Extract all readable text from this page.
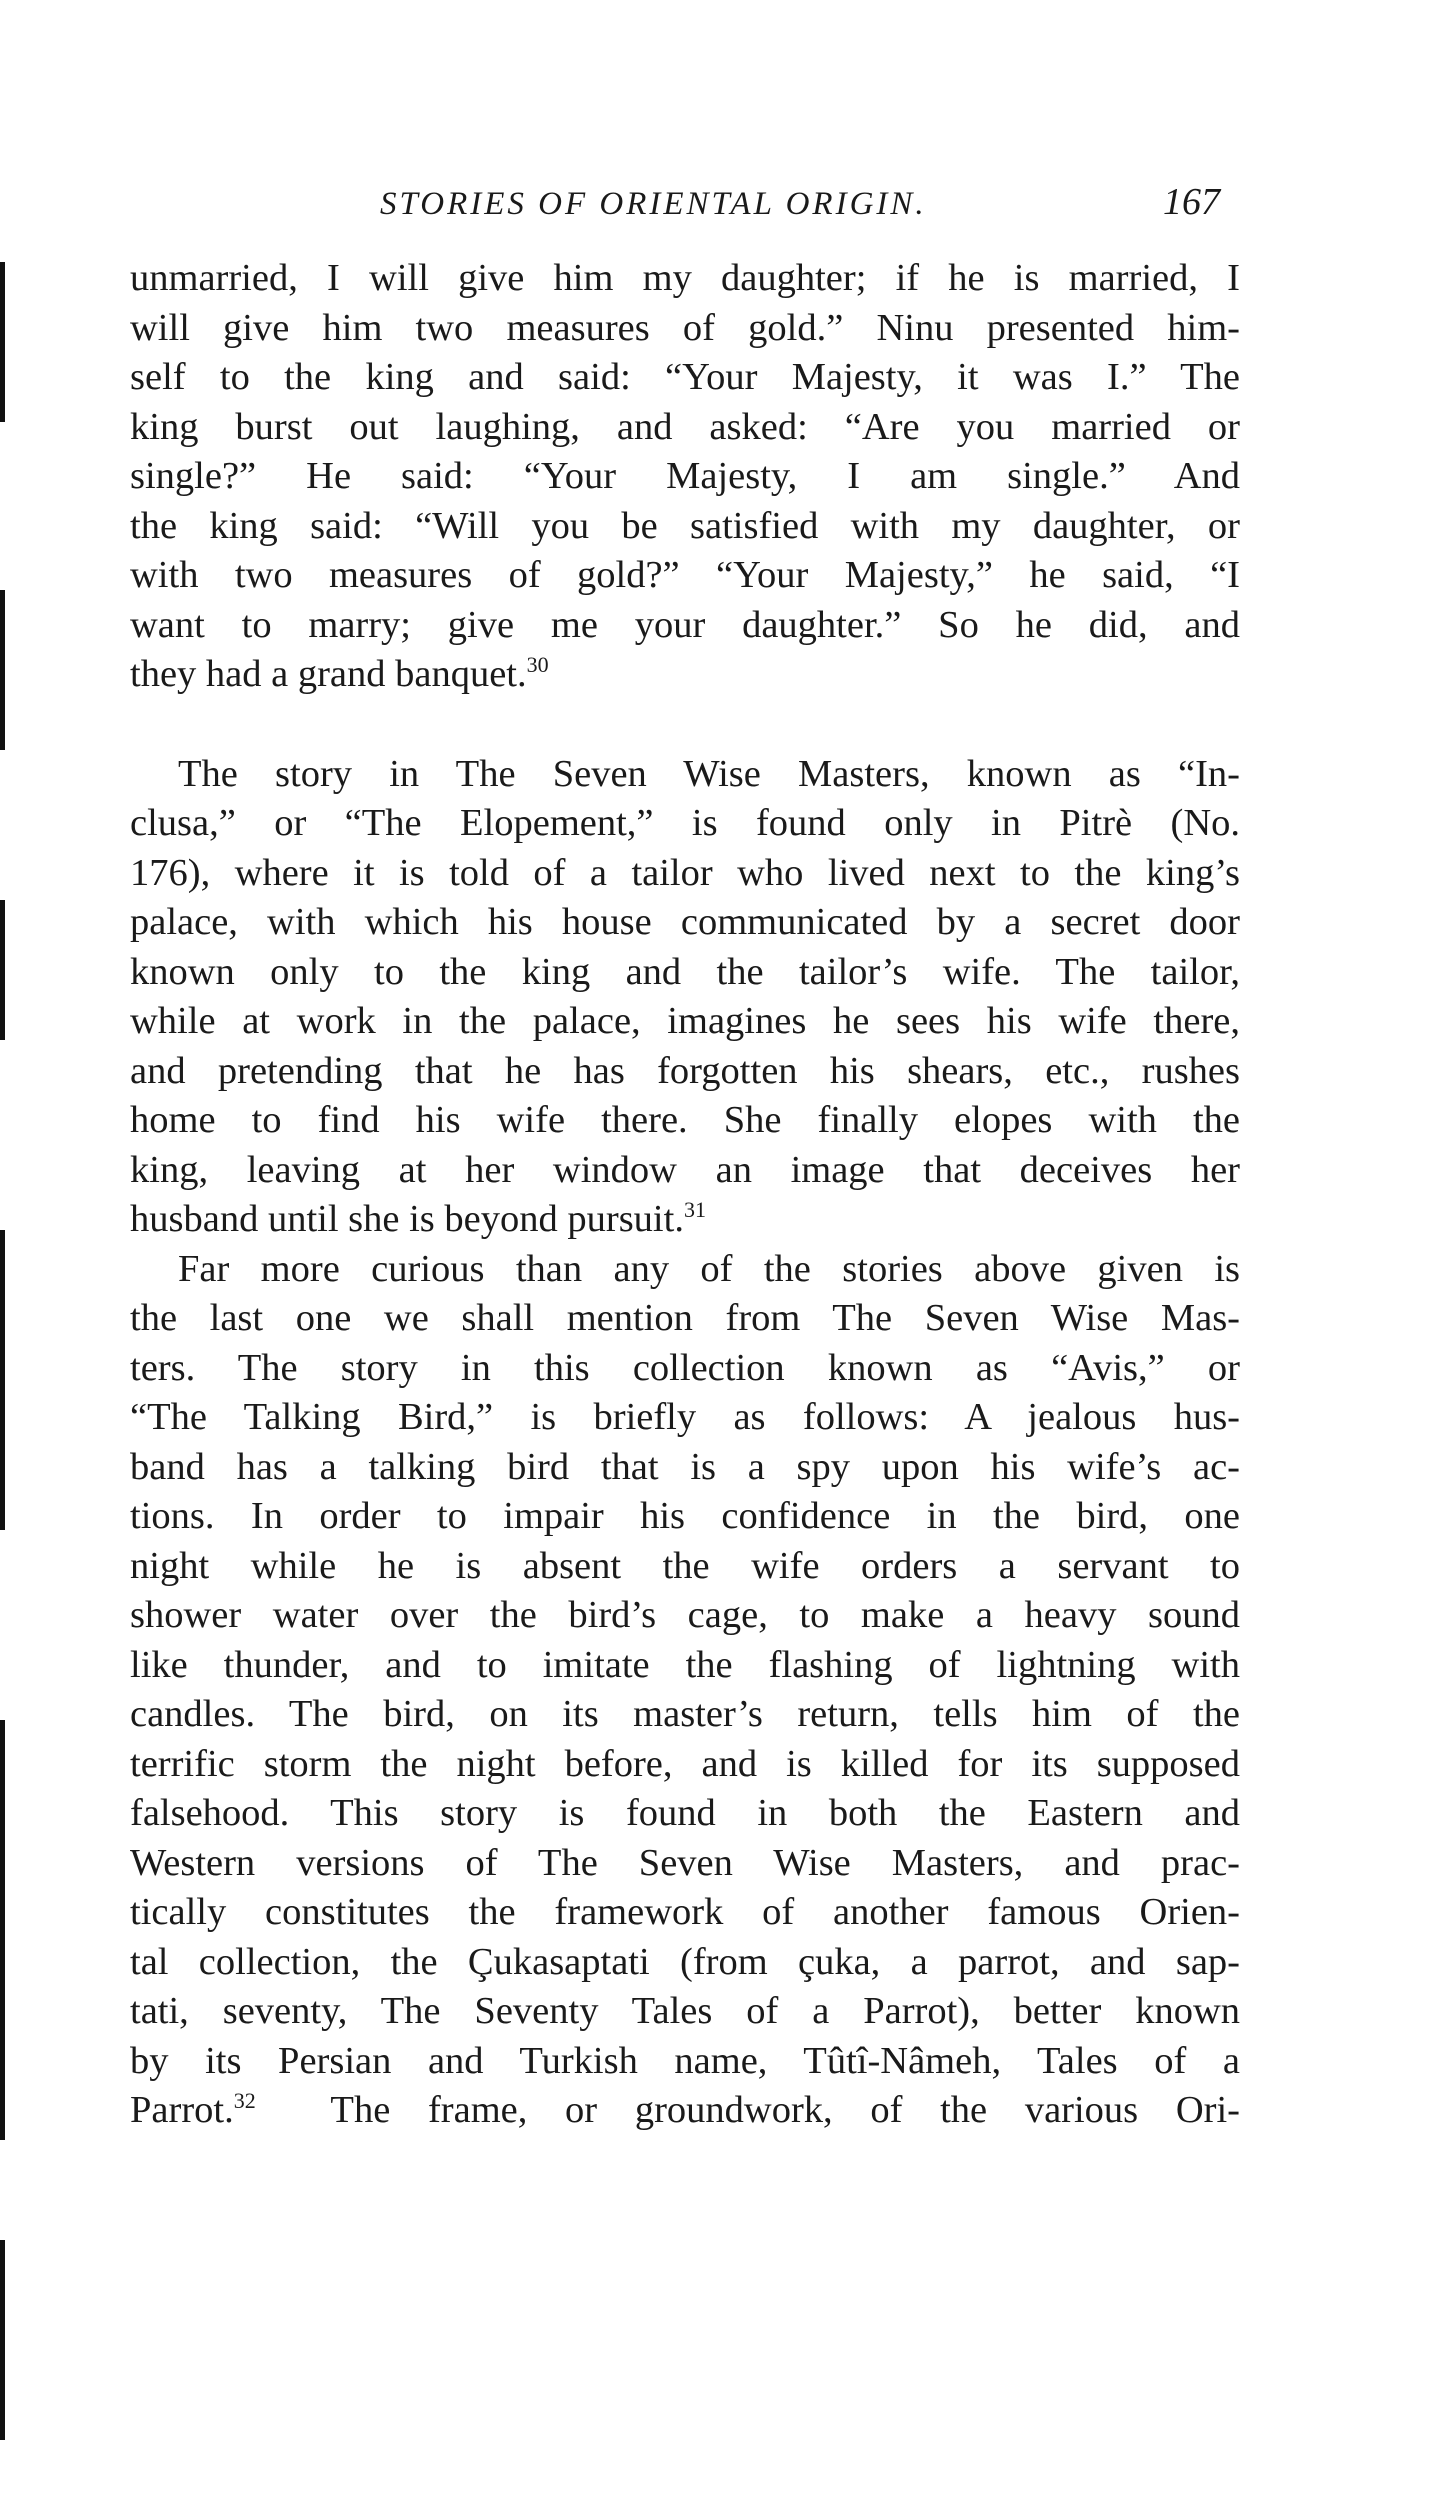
STORIES OF ORIENTAL ORIGIN.	167
unmarried, I will give him my daughter; if he is married, I
will give him two measures of gold.” Ninu presented him-
self to the king and said: “Your Majesty, it was I.” The
king burst out laughing, and asked: “Are you married or
single?” He said: “Your Majesty, I am single.” And
the king said: “Will you be satisfied with my daughter, or
with two measures of gold?” “Your Majesty,” he said, “I
want to marry; give me your daughter.” So he did, and
they had a grand banquet.$^{30}$
The story in The Seven Wise Masters, known as “In-
clusa,” or “The Elopement,” is found only in Pitrè (No.
176), where it is told of a tailor who lived next to the king’s
palace, with which his house communicated by a secret door
known only to the king and the tailor’s wife. The tailor,
while at work in the palace, imagines he sees his wife there,
and pretending that he has forgotten his shears, etc., rushes
home to find his wife there. She finally elopes with the
king, leaving at her window an image that deceives her
husband until she is beyond pursuit.$^{31}$
Far more curious than any of the stories above given is
the last one we shall mention from The Seven Wise Mas-
ters. The story in this collection known as “Avis,” or
“The Talking Bird,” is briefly as follows: A jealous hus-
band has a talking bird that is a spy upon his wife’s ac-
tions. In order to impair his confidence in the bird, one
night while he is absent the wife orders a servant to
shower water over the bird’s cage, to make a heavy sound
like thunder, and to imitate the flashing of lightning with
candles. The bird, on its master’s return, tells him of the
terrific storm the night before, and is killed for its supposed
falsehood. This story is found in both the Eastern and
Western versions of The Seven Wise Masters, and prac-
tically constitutes the framework of another famous Orien-
tal collection, the Çukasaptati (from çuka, a parrot, and sap-
tati, seventy, The Seventy Tales of a Parrot), better known
by its Persian and Turkish name, Tûtî-Nâmeh, Tales of a
Parrot.$^{32}$ The frame, or groundwork, of the various Ori-
